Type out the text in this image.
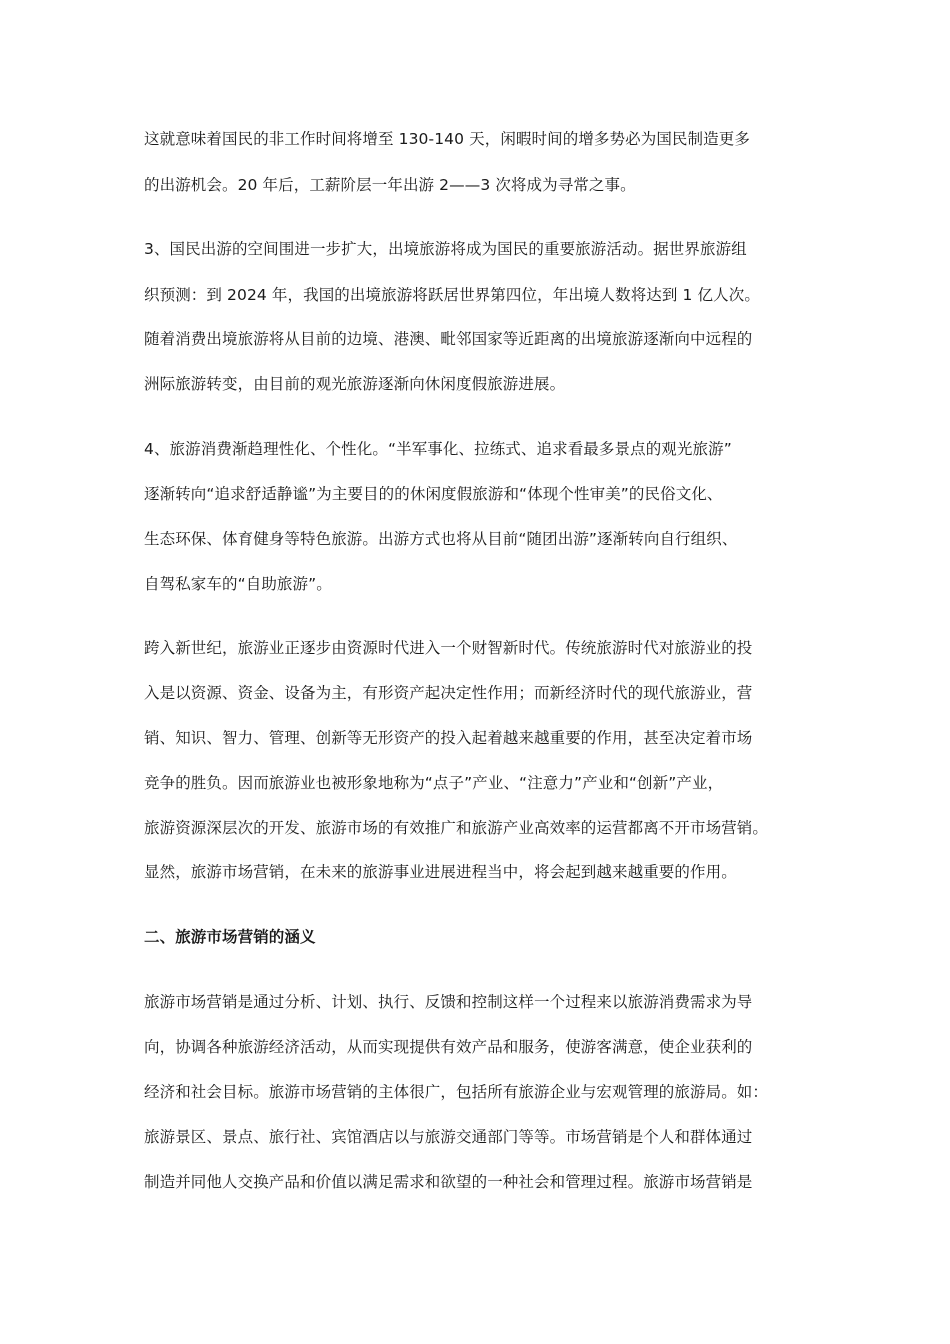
这就意味着国民的非工作时间将增至 130-140 天，闲暇时间的增多势必为国民制造更多
的出游机会。20 年后，工薪阶层一年出游 2——3 次将成为寻常之事。
3、国民出游的空间围进一步扩大，出境旅游将成为国民的重要旅游活动。据世界旅游组
织预测：到 2024 年，我国的出境旅游将跃居世界第四位，年出境人数将达到 1 亿人次。
随着消费出境旅游将从目前的边境、港澳、毗邻国家等近距离的出境旅游逐渐向中远程的
洲际旅游转变，由目前的观光旅游逐渐向休闲度假旅游进展。
4、旅游消费渐趋理性化、个性化。“半军事化、拉练式、追求看最多景点的观光旅游”
逐渐转向“追求舒适静谧”为主要目的的休闲度假旅游和“体现个性审美”的民俗文化、
生态环保、体育健身等特色旅游。出游方式也将从目前“随团出游”逐渐转向自行组织、
自驾私家车的“自助旅游”。
跨入新世纪，旅游业正逐步由资源时代进入一个财智新时代。传统旅游时代对旅游业的投
入是以资源、资金、设备为主，有形资产起决定性作用；而新经济时代的现代旅游业，营
销、知识、智力、管理、创新等无形资产的投入起着越来越重要的作用，甚至决定着市场
竞争的胜负。因而旅游业也被形象地称为“点子”产业、“注意力”产业和“创新”产业，
旅游资源深层次的开发、旅游市场的有效推广和旅游产业高效率的运营都离不开市场营销。
显然，旅游市场营销，在未来的旅游事业进展进程当中，将会起到越来越重要的作用。
二、旅游市场营销的涵义
旅游市场营销是通过分析、计划、执行、反馈和控制这样一个过程来以旅游消费需求为导
向，协调各种旅游经济活动，从而实现提供有效产品和服务，使游客满意，使企业获利的
经济和社会目标。旅游市场营销的主体很广，包括所有旅游企业与宏观管理的旅游局。如：
旅游景区、景点、旅行社、宾馆酒店以与旅游交通部门等等。市场营销是个人和群体通过
制造并同他人交换产品和价值以满足需求和欲望的一种社会和管理过程。旅游市场营销是
